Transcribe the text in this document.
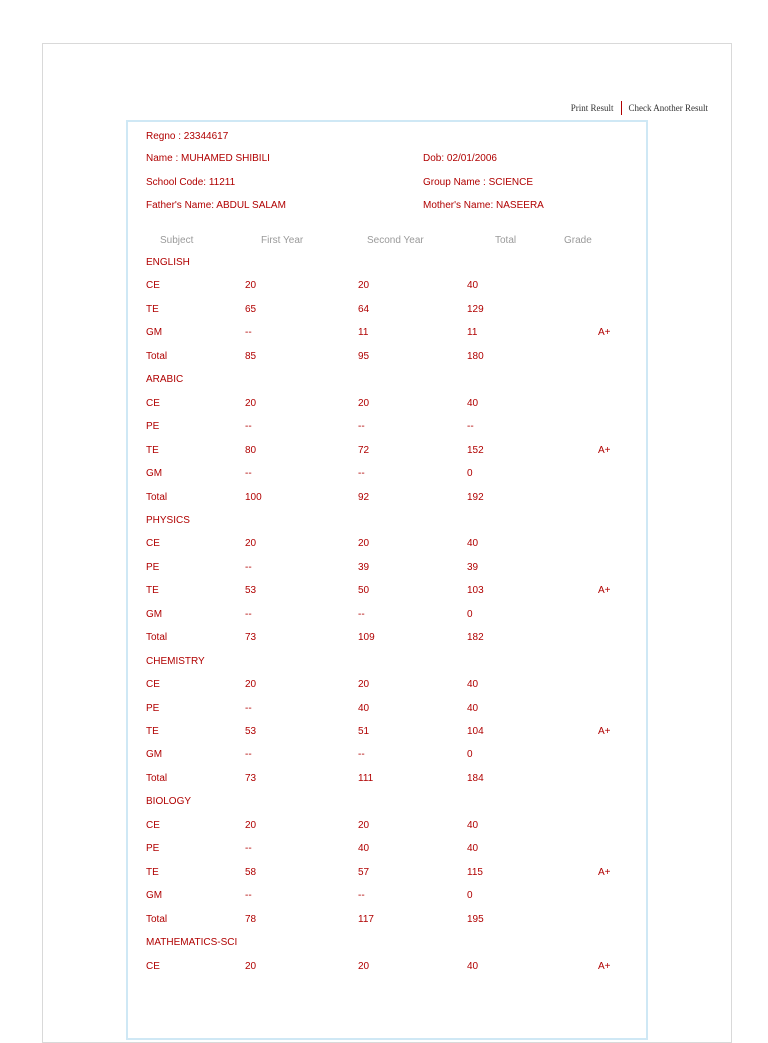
Print Result Check Another Result
Regno : 23344617
Name : MUHAMED SHIBILI	Dob: 02/01/2006
School Code: 11211	Group Name : SCIENCE
Father's Name: ABDUL SALAM	Mother's Name: NASEERA
Subject	First Year	Second Year	Total	Grade
ENGLISH
CE	20	20	40
TE	65	64	129
GM	--	11	11	A+
Total	85	95	180
ARABIC
CE	20	20	40
PE	--	--	--
TE	80	72	152	A+
GM	--	--	0
Total	100	92	192
PHYSICS
CE	20	20	40
PE	--	39	39
TE	53	50	103	A+
GM	--	--	0
Total	73	109	182
CHEMISTRY
CE	20	20	40
PE	--	40	40
TE	53	51	104	A+
GM	--	--	0
Total	73	111	184
BIOLOGY
CE	20	20	40
PE	--	40	40
TE	58	57	115	A+
GM	--	--	0
Total	78	117	195
MATHEMATICS-SCI
CE	20	20	40	A+
